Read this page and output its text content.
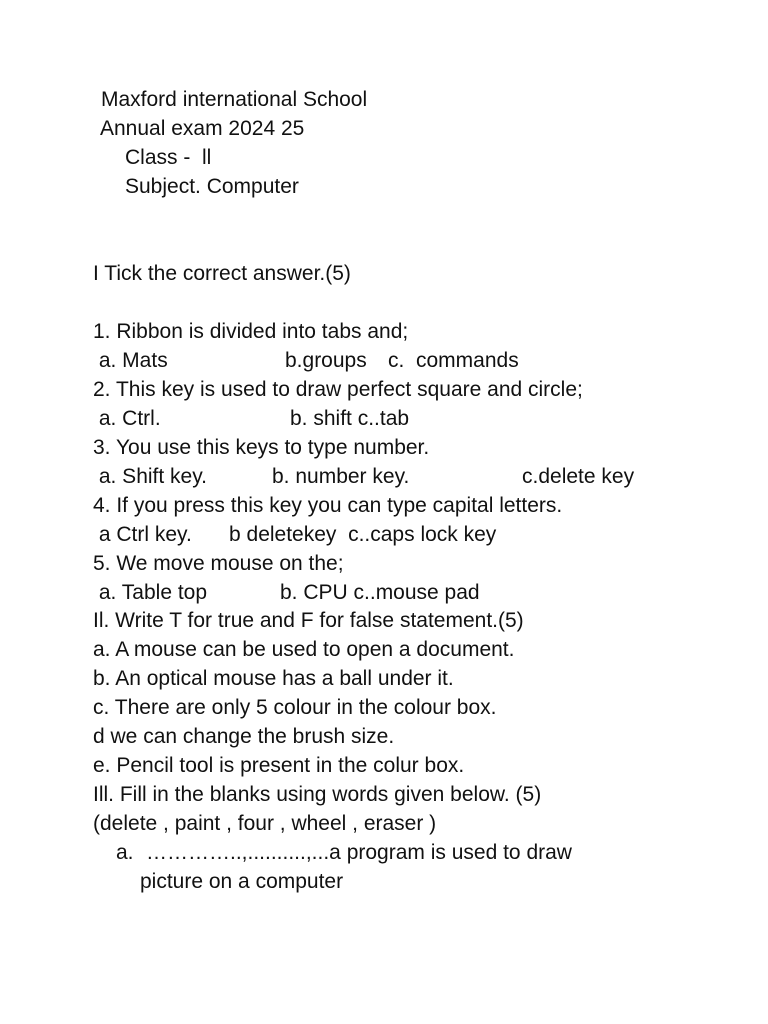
Maxford international School
Annual exam 2024 25
Class -  ll
Subject. Computer
I Tick the correct answer.(5)
1. Ribbon is divided into tabs and;
a. Mats	b.groups c.  commands
2. This key is used to draw perfect square and circle;
a. Ctrl.	b. shift c..tab
3. You use this keys to type number.
a. Shift key.	b. number key.	c.delete key
4. If you press this key you can type capital letters.
a Ctrl key. b deletekey  c..caps lock key
5. We move mouse on the;
a. Table top	b. CPU c..mouse pad
Il. Write T for true and F for false statement.(5)
a. A mouse can be used to open a document.
b. An optical mouse has a ball under it.
c. There are only 5 colour in the colour box.
d we can change the brush size.
e. Pencil tool is present in the colur box.
Ill. Fill in the blanks using words given below. (5)
(delete , paint , four , wheel , eraser )
a. …………..,..........,...a program is used to draw
picture on a computer
